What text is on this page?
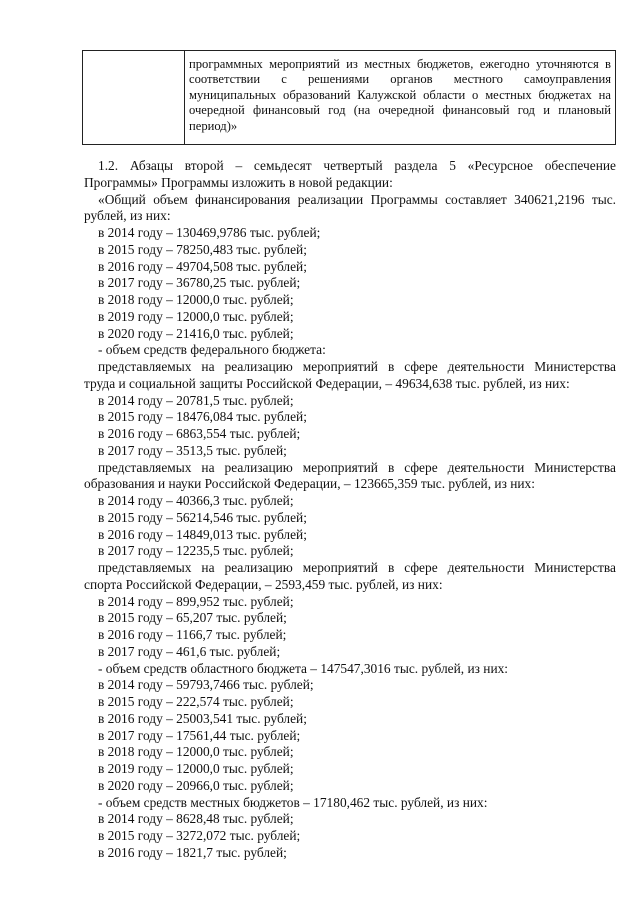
программных мероприятий из местных бюджетов, ежегодно уточняются в
соответствии с решениями органов местного самоуправления
муниципальных образований Калужской области о местных бюджетах на
очередной финансовый год (на очередной финансовый год и плановый
период)»
1.2. Абзацы второй – семьдесят четвертый раздела 5 «Ресурсное обеспечение
Программы» Программы изложить в новой редакции:
«Общий объем финансирования реализации Программы составляет 340621,2196 тыс.
рублей, из них:
в 2014 году – 130469,9786 тыс. рублей;
в 2015 году – 78250,483 тыс. рублей;
в 2016 году – 49704,508 тыс. рублей;
в 2017 году – 36780,25 тыс. рублей;
в 2018 году – 12000,0 тыс. рублей;
в 2019 году – 12000,0 тыс. рублей;
в 2020 году – 21416,0 тыс. рублей;
- объем средств федерального бюджета:
представляемых на реализацию мероприятий в сфере деятельности Министерства
труда и социальной защиты Российской Федерации, – 49634,638 тыс. рублей, из них:
в 2014 году – 20781,5 тыс. рублей;
в 2015 году – 18476,084 тыс. рублей;
в 2016 году – 6863,554 тыс. рублей;
в 2017 году – 3513,5 тыс. рублей;
представляемых на реализацию мероприятий в сфере деятельности Министерства
образования и науки Российской Федерации, – 123665,359 тыс. рублей, из них:
в 2014 году – 40366,3 тыс. рублей;
в 2015 году – 56214,546 тыс. рублей;
в 2016 году – 14849,013 тыс. рублей;
в 2017 году – 12235,5 тыс. рублей;
представляемых на реализацию мероприятий в сфере деятельности Министерства
спорта Российской Федерации, – 2593,459 тыс. рублей, из них:
в 2014 году – 899,952 тыс. рублей;
в 2015 году – 65,207 тыс. рублей;
в 2016 году – 1166,7 тыс. рублей;
в 2017 году – 461,6 тыс. рублей;
- объем средств областного бюджета – 147547,3016 тыс. рублей, из них:
в 2014 году – 59793,7466 тыс. рублей;
в 2015 году – 222,574 тыс. рублей;
в 2016 году – 25003,541 тыс. рублей;
в 2017 году – 17561,44 тыс. рублей;
в 2018 году – 12000,0 тыс. рублей;
в 2019 году – 12000,0 тыс. рублей;
в 2020 году – 20966,0 тыс. рублей;
- объем средств местных бюджетов – 17180,462 тыс. рублей, из них:
в 2014 году – 8628,48 тыс. рублей;
в 2015 году – 3272,072 тыс. рублей;
в 2016 году – 1821,7 тыс. рублей;
